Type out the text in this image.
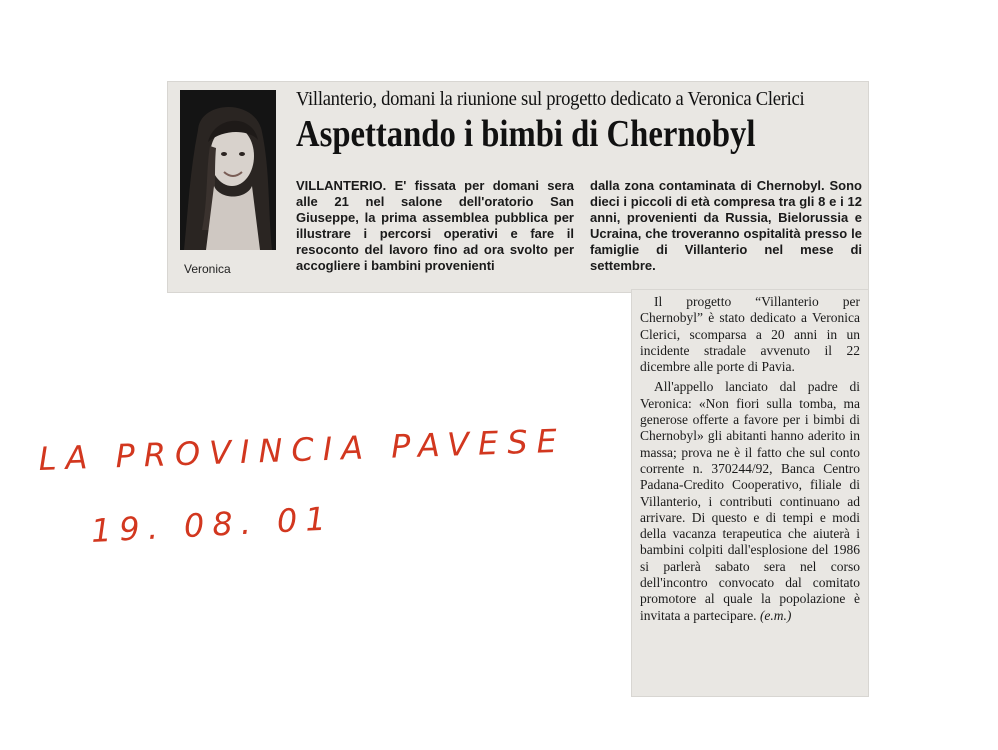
Veronica
Villanterio, domani la riunione sul progetto dedicato a Veronica Clerici
Aspettando i bimbi di Chernobyl
VILLANTERIO. E' fissata per domani sera alle 21 nel salone dell'oratorio San Giuseppe, la prima assemblea pubblica per illustrare i percorsi operativi e fare il resoconto del lavoro fino ad ora svolto per accogliere i bambini provenienti
dalla zona contaminata di Chernobyl. Sono dieci i piccoli di età compresa tra gli 8 e i 12 anni, provenienti da Russia, Bielorussia e Ucraina, che troveranno ospitalità presso le famiglie di Villanterio nel mese di settembre.

Il progetto “Villanterio per Chernobyl” è stato dedicato a Veronica Clerici, scomparsa a 20 anni in un incidente stradale avvenuto il 22 dicembre alle porte di Pavia.

All'appello lanciato dal padre di Veronica: «Non fiori sulla tomba, ma generose offerte a favore per i bimbi di Chernobyl» gli abitanti hanno aderito in massa; prova ne è il fatto che sul conto corrente n. 370244/92, Banca Centro Padana-Credito Cooperativo, filiale di Villanterio, i contributi continuano ad arrivare. Di questo e di tempi e modi della vacanza terapeutica che aiuterà i bambini colpiti dall'esplosione del 1986 si parlerà sabato sera nel corso dell'incontro convocato dal comitato promotore al quale la popolazione è invitata a partecipare. (e.m.)

LA PROVINCIA PAVESE
19. 08. 01
